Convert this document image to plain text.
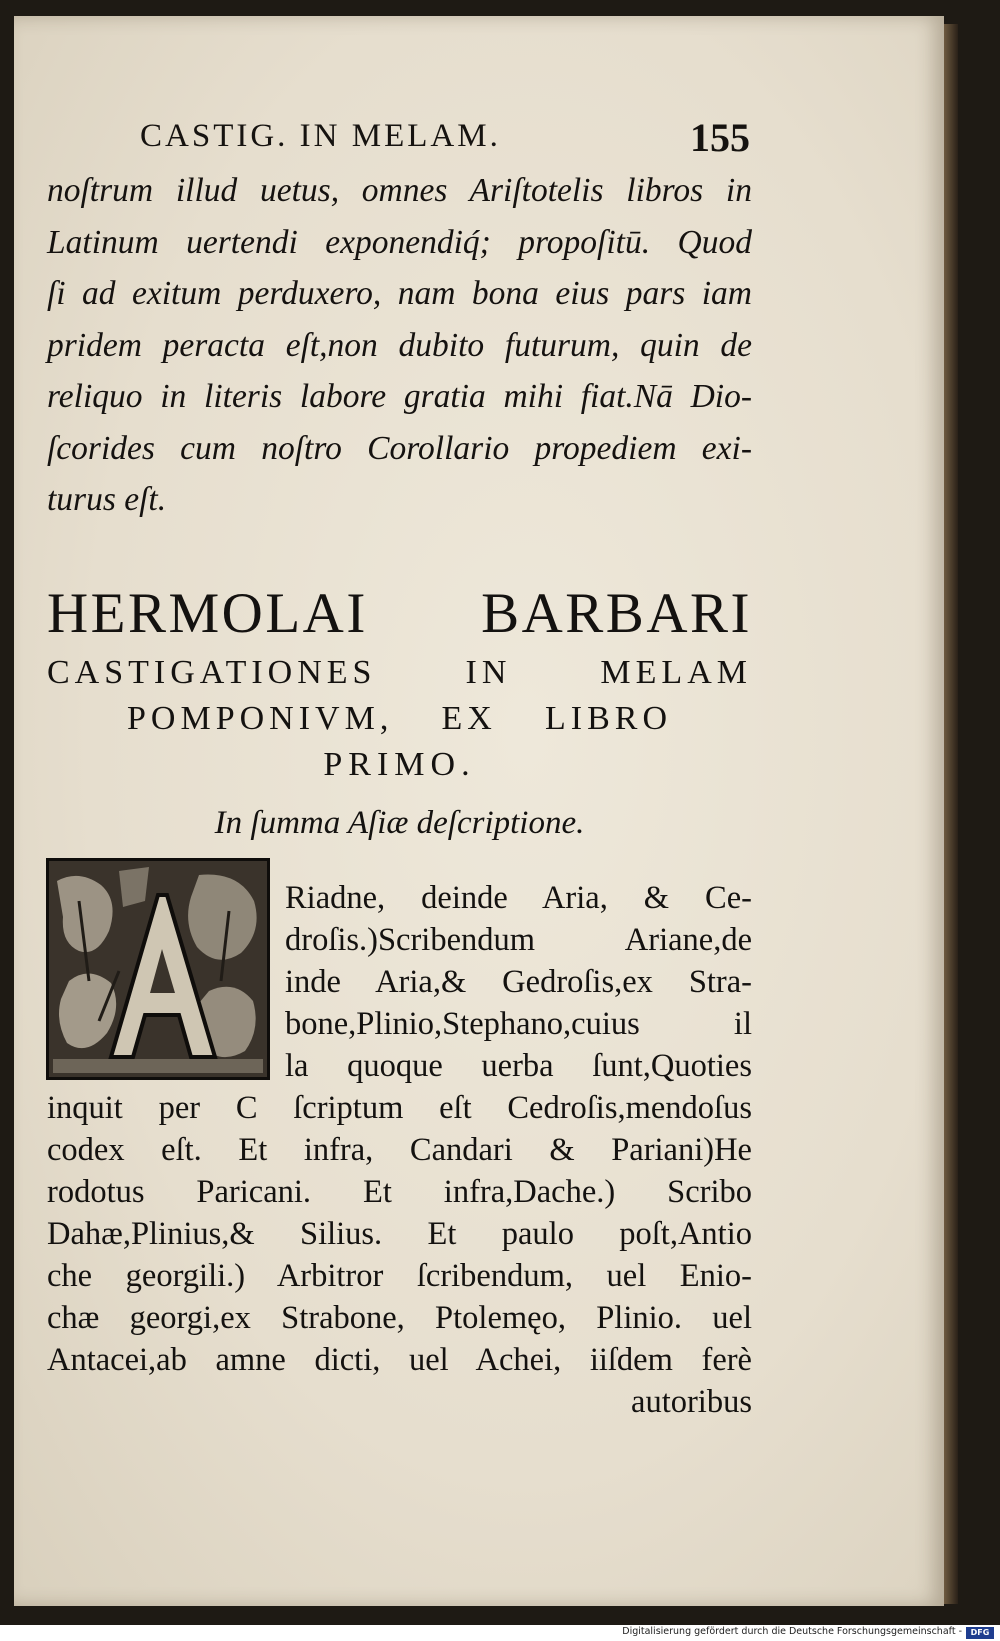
CASTIG. IN MELAM.	155
noſtrum illud uetus, omnes Ariſtotelis libros in
Latinum uertendi exponendiq́; propoſitū. Quod
ſi ad exitum perduxero, nam bona eius pars iam
pridem peracta eſt,non dubito futurum, quin de
reliquo in literis labore gratia mihi fiat.Nā Dio-
ſcorides cum noſtro Corollario propediem exi-
turus eſt.
HERMOLAI BARBARI
CASTIGATIONES IN MELAM
POMPONIVM, EX LIBRO
PRIMO.
In ſumma Aſiæ deſcriptione.
Riadne, deinde Aria, & Ce-
droſis.)Scribendum Ariane,de
inde Aria,& Gedroſis,ex Stra-
bone,Plinio,Stephano,cuius il
la quoque uerba ſunt,Quoties
inquit per C ſcriptum eſt Cedroſis,mendoſus
codex eſt. Et infra, Candari & Pariani)He
rodotus Paricani. Et infra,Dache.) Scribo
Dahæ,Plinius,& Silius. Et paulo poſt,Antio
che georgili.) Arbitror ſcribendum, uel Enio-
chæ georgi,ex Strabone, Ptolemęo, Plinio. uel
Antacei,ab amne dicti, uel Achei, iiſdem ferè
autoribus
Digitalisierung gefördert durch die Deutsche Forschungsgemeinschaft -	DFG
